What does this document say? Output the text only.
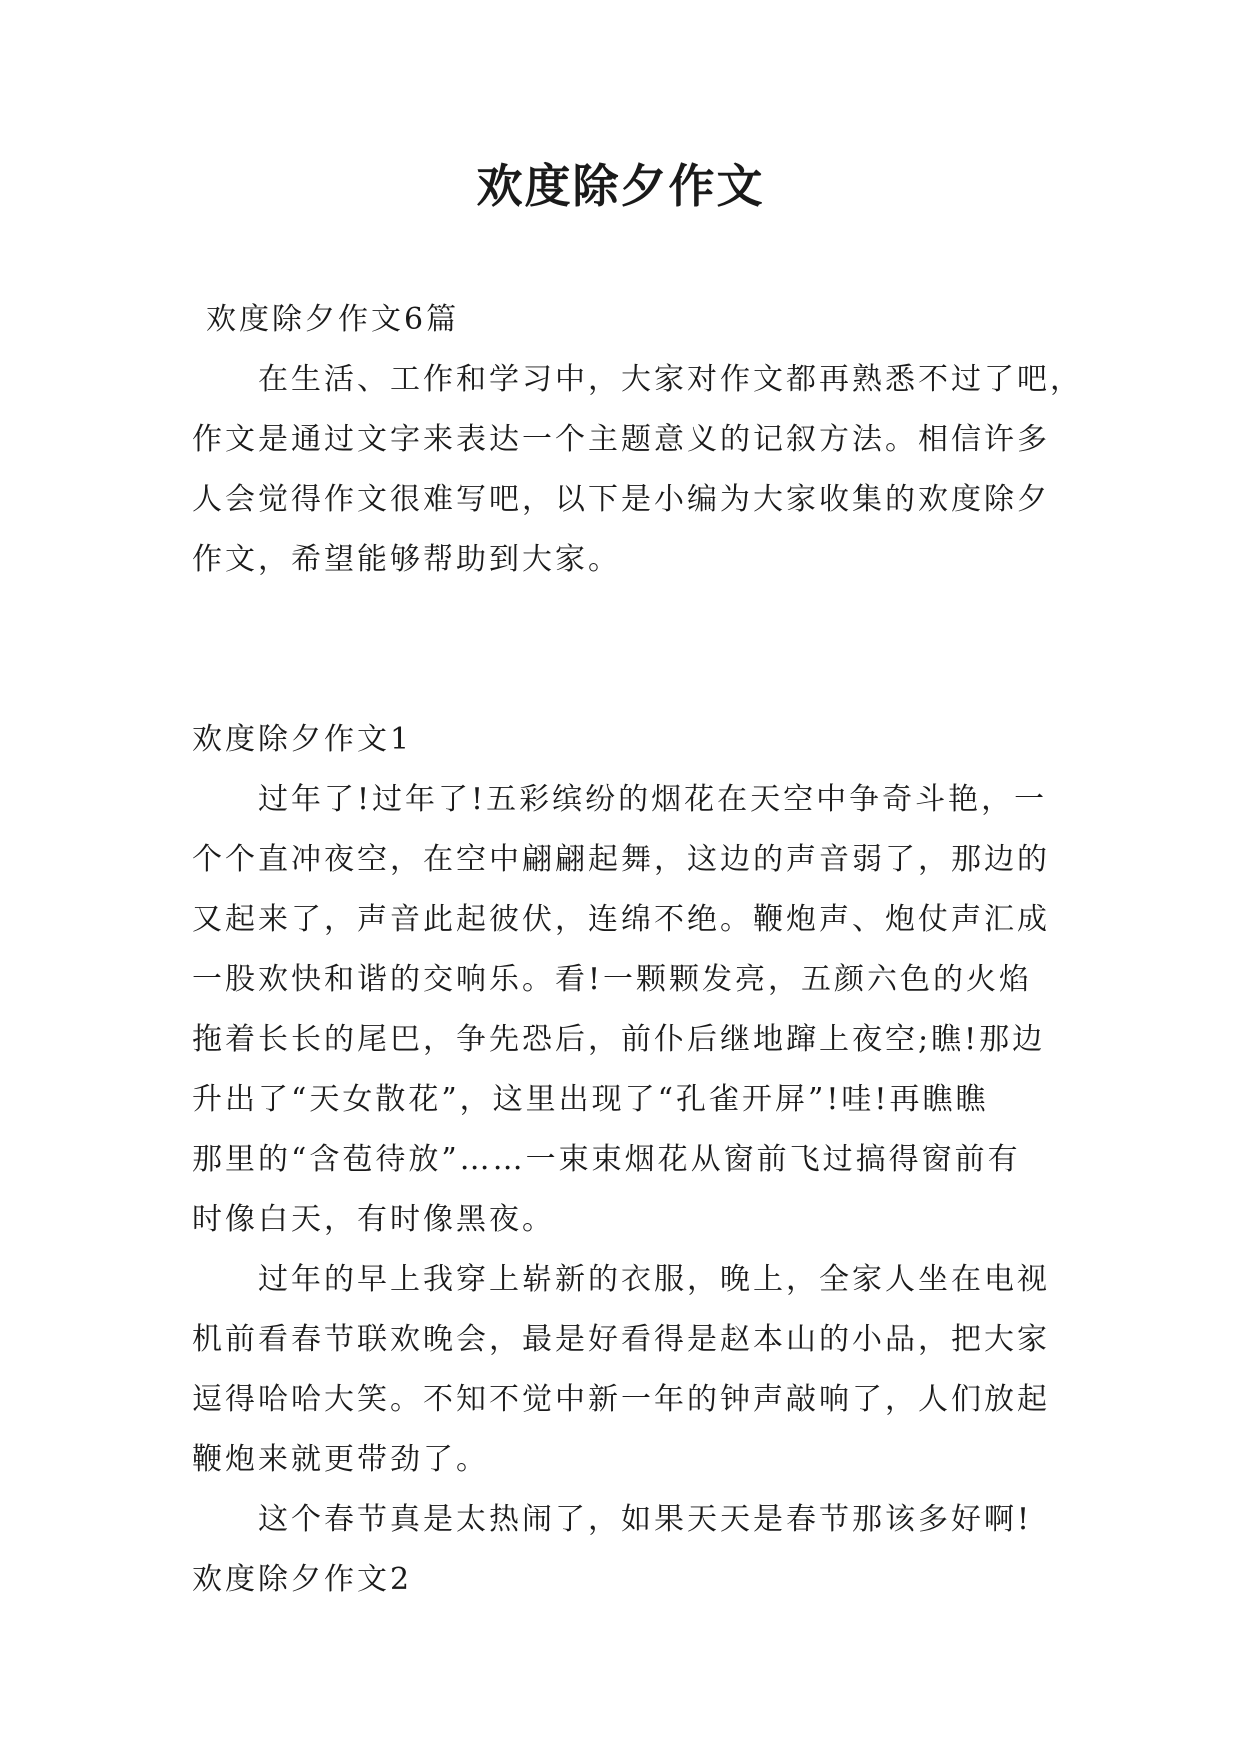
欢度除夕作文
欢度除夕作文6篇
　　在生活、工作和学习中，大家对作文都再熟悉不过了吧，
作文是通过文字来表达一个主题意义的记叙方法。相信许多
人会觉得作文很难写吧，以下是小编为大家收集的欢度除夕
作文，希望能够帮助到大家。
欢度除夕作文1
　　过年了!过年了!五彩缤纷的烟花在天空中争奇斗艳，一
个个直冲夜空，在空中翩翩起舞，这边的声音弱了，那边的
又起来了，声音此起彼伏，连绵不绝。鞭炮声、炮仗声汇成
一股欢快和谐的交响乐。看!一颗颗发亮，五颜六色的火焰
拖着长长的尾巴，争先恐后，前仆后继地蹿上夜空;瞧!那边
升出了“天女散花”，这里出现了“孔雀开屏”!哇!再瞧瞧
那里的“含苞待放”……一束束烟花从窗前飞过搞得窗前有
时像白天，有时像黑夜。
　　过年的早上我穿上崭新的衣服，晚上，全家人坐在电视
机前看春节联欢晚会，最是好看得是赵本山的小品，把大家
逗得哈哈大笑。不知不觉中新一年的钟声敲响了，人们放起
鞭炮来就更带劲了。
　　这个春节真是太热闹了，如果天天是春节那该多好啊!
欢度除夕作文2
